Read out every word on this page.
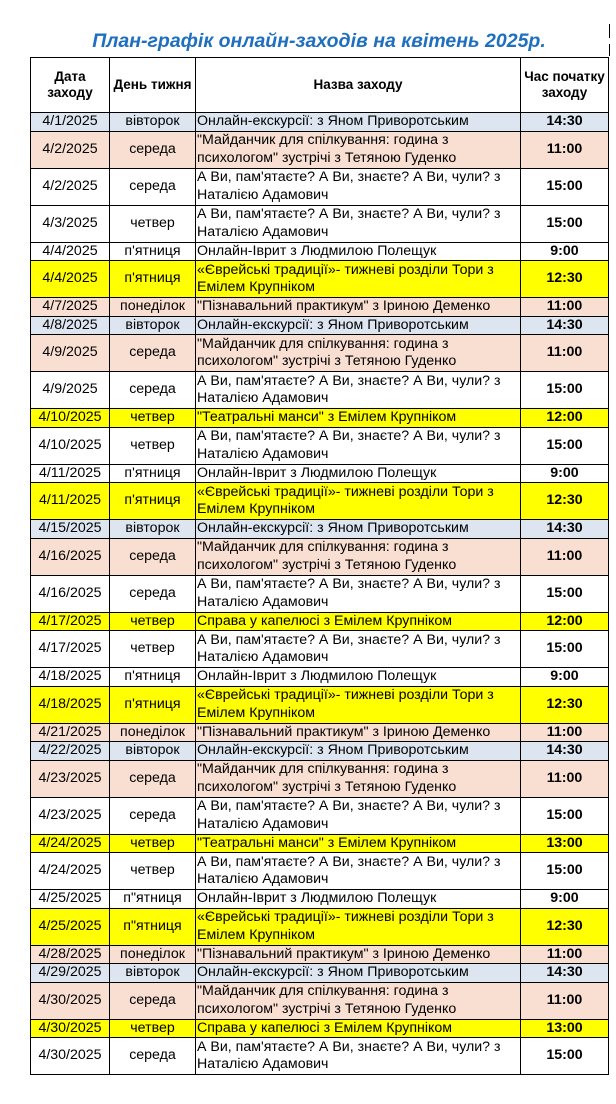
План-графік онлайн-заходів на квітень 2025р.
Дата заходу	День тижня	Назва заходу	Час початку заходу
4/1/2025	вівторок	Онлайн-екскурсії: з Яном Приворотським	14:30
4/2/2025	середа	"Майданчик для спілкування: година з психологом" зустрічі з Тетяною Гуденко	11:00
4/2/2025	середа	А Ви, пам'ятаєте? А Ви, знаєте? А Ви, чули? з Наталією Адамович	15:00
4/3/2025	четвер	А Ви, пам'ятаєте? А Ви, знаєте? А Ви, чули? з Наталією Адамович	15:00
4/4/2025	п'ятниця	Онлайн-Іврит з Людмилою Полещук	9:00
4/4/2025	п'ятниця	«Єврейські традиції»- тижневі розділи Тори з Емілем Крупніком	12:30
4/7/2025	понеділок	"Пізнавальний практикум" з Іриною Деменко	11:00
4/8/2025	вівторок	Онлайн-екскурсії: з Яном Приворотським	14:30
4/9/2025	середа	"Майданчик для спілкування: година з психологом" зустрічі з Тетяною Гуденко	11:00
4/9/2025	середа	А Ви, пам'ятаєте? А Ви, знаєте? А Ви, чули? з Наталією Адамович	15:00
4/10/2025	четвер	"Театральні манси" з Емілем Крупніком	12:00
4/10/2025	четвер	А Ви, пам'ятаєте? А Ви, знаєте? А Ви, чули? з Наталією Адамович	15:00
4/11/2025	п'ятниця	Онлайн-Іврит з Людмилою Полещук	9:00
4/11/2025	п'ятниця	«Єврейські традиції»- тижневі розділи Тори з Емілем Крупніком	12:30
4/15/2025	вівторок	Онлайн-екскурсії: з Яном Приворотським	14:30
4/16/2025	середа	"Майданчик для спілкування: година з психологом" зустрічі з Тетяною Гуденко	11:00
4/16/2025	середа	А Ви, пам'ятаєте? А Ви, знаєте? А Ви, чули? з Наталією Адамович	15:00
4/17/2025	четвер	Справа у капелюсі з Емілем Крупніком	12:00
4/17/2025	четвер	А Ви, пам'ятаєте? А Ви, знаєте? А Ви, чули? з Наталією Адамович	15:00
4/18/2025	п'ятниця	Онлайн-Іврит з Людмилою Полещук	9:00
4/18/2025	п'ятниця	«Єврейські традиції»- тижневі розділи Тори з Емілем Крупніком	12:30
4/21/2025	понеділок	"Пізнавальний практикум" з Іриною Деменко	11:00
4/22/2025	вівторок	Онлайн-екскурсії: з Яном Приворотським	14:30
4/23/2025	середа	"Майданчик для спілкування: година з психологом" зустрічі з Тетяною Гуденко	11:00
4/23/2025	середа	А Ви, пам'ятаєте? А Ви, знаєте? А Ви, чули? з Наталією Адамович	15:00
4/24/2025	четвер	"Театральні манси" з Емілем Крупніком	13:00
4/24/2025	четвер	А Ви, пам'ятаєте? А Ви, знаєте? А Ви, чули? з Наталією Адамович	15:00
4/25/2025	п"ятниця	Онлайн-Іврит з Людмилою Полещук	9:00
4/25/2025	п"ятниця	«Єврейські традиції»- тижневі розділи Тори з Емілем Крупніком	12:30
4/28/2025	понеділок	"Пізнавальний практикум" з Іриною Деменко	11:00
4/29/2025	вівторок	Онлайн-екскурсії: з Яном Приворотським	14:30
4/30/2025	середа	"Майданчик для спілкування: година з психологом" зустрічі з Тетяною Гуденко	11:00
4/30/2025	четвер	Справа у капелюсі з Емілем Крупніком	13:00
4/30/2025	середа	А Ви, пам'ятаєте? А Ви, знаєте? А Ви, чули? з Наталією Адамович	15:00
